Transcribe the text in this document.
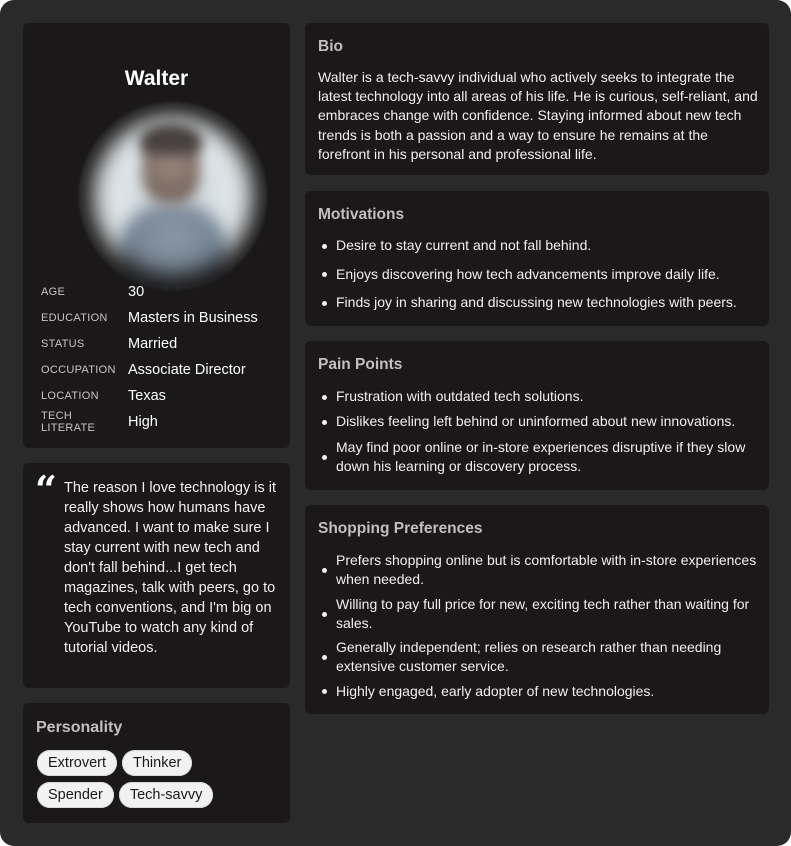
Walter
AGE	30
EDUCATION	Masters in Business
STATUS	Married
OCCUPATION Associate Director
LOCATION	Texas
TECH LITERATE	High
“ The reason I love technology is it really shows how humans have advanced. I want to make sure I stay current with new tech and don't fall behind...I get tech magazines, talk with peers, go to tech conventions, and I'm big on YouTube to watch any kind of tutorial videos.
Personality
Extrovert	Thinker
Spender	Tech-savvy
Bio
Walter is a tech-savvy individual who actively seeks to integrate the latest technology into all areas of his life. He is curious, self-reliant, and embraces change with confidence. Staying informed about new tech trends is both a passion and a way to ensure he remains at the forefront in his personal and professional life.
Motivations
Desire to stay current and not fall behind.
Enjoys discovering how tech advancements improve daily life.
Finds joy in sharing and discussing new technologies with peers.
Pain Points
Frustration with outdated tech solutions.
Dislikes feeling left behind or uninformed about new innovations.
May find poor online or in-store experiences disruptive if they slow down his learning or discovery process.
Shopping Preferences
Prefers shopping online but is comfortable with in-store experiences when needed.
Willing to pay full price for new, exciting tech rather than waiting for sales.
Generally independent; relies on research rather than needing extensive customer service.
Highly engaged, early adopter of new technologies.
